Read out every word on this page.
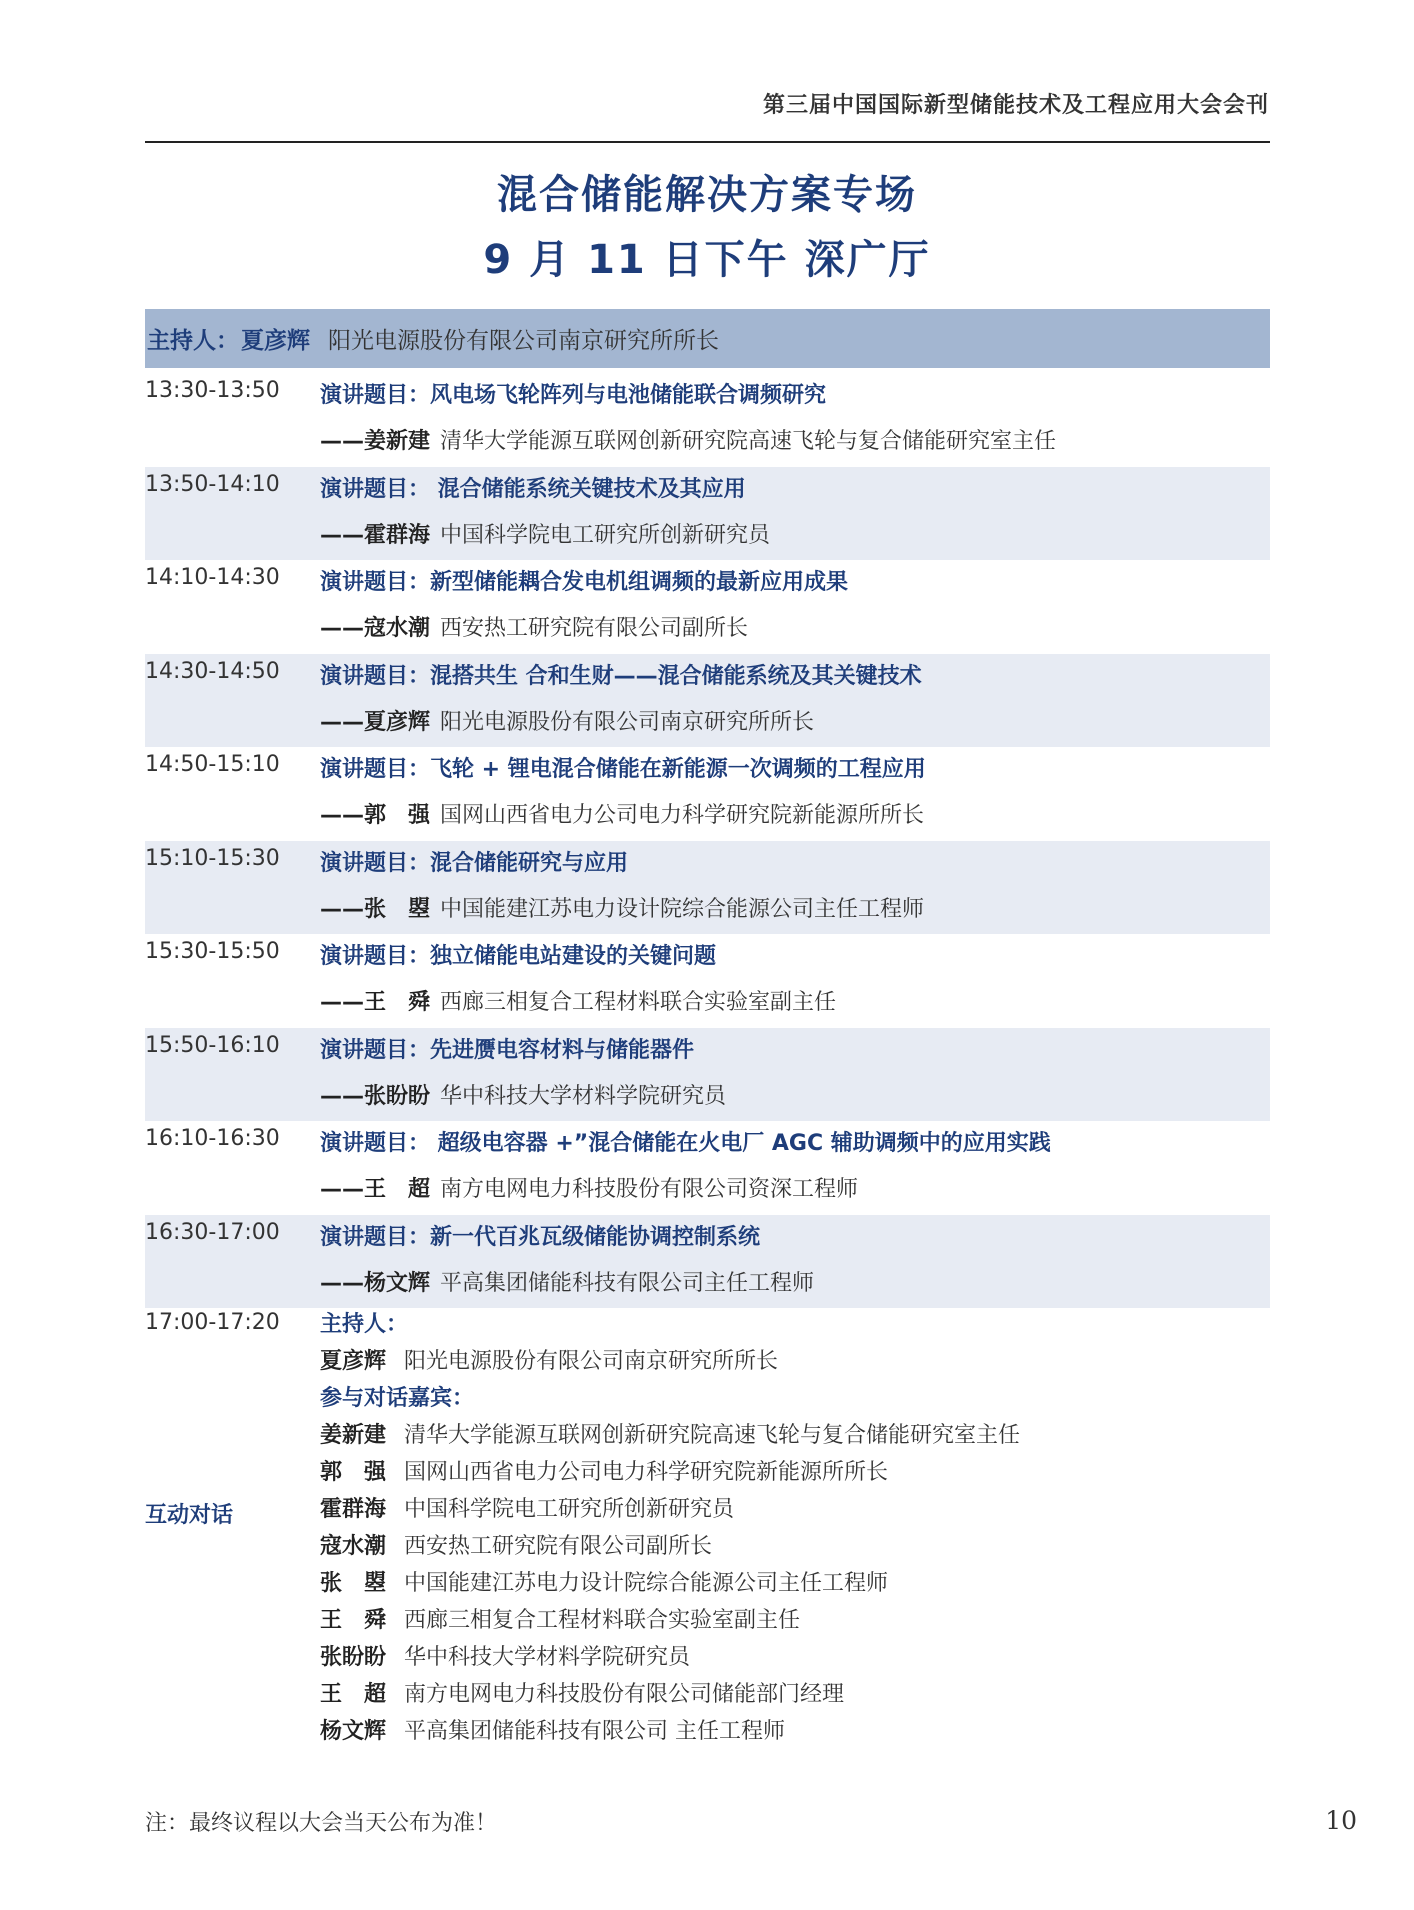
第三届中国国际新型储能技术及工程应用大会会刊
混合储能解决方案专场
9 月 11 日下午 深广厅
主持人： 夏彦辉 阳光电源股份有限公司南京研究所所长
13:30-13:50 演讲题目：风电场飞轮阵列与电池储能联合调频研究
——姜新建 清华大学能源互联网创新研究院高速飞轮与复合储能研究室主任
13:50-14:10 演讲题目： 混合储能系统关键技术及其应用
——霍群海 中国科学院电工研究所创新研究员
14:10-14:30 演讲题目：新型储能耦合发电机组调频的最新应用成果
——寇水潮 西安热工研究院有限公司副所长
14:30-14:50 演讲题目：混搭共生 合和生财——混合储能系统及其关键技术
——夏彦辉 阳光电源股份有限公司南京研究所所长
14:50-15:10 演讲题目：飞轮 + 锂电混合储能在新能源一次调频的工程应用
——郭　强 国网山西省电力公司电力科学研究院新能源所所长
15:10-15:30 演讲题目：混合储能研究与应用
——张　曌 中国能建江苏电力设计院综合能源公司主任工程师
15:30-15:50 演讲题目：独立储能电站建设的关键问题
——王　舜 西廊三相复合工程材料联合实验室副主任
15:50-16:10 演讲题目：先进赝电容材料与储能器件
——张盼盼 华中科技大学材料学院研究员
16:10-16:30 演讲题目： 超级电容器 +”混合储能在火电厂 AGC 辅助调频中的应用实践
——王　超 南方电网电力科技股份有限公司资深工程师
16:30-17:00 演讲题目：新一代百兆瓦级储能协调控制系统
——杨文辉 平高集团储能科技有限公司主任工程师
17:00-17:20
互动对话
主持人：
夏彦辉 阳光电源股份有限公司南京研究所所长
参与对话嘉宾：
姜新建 清华大学能源互联网创新研究院高速飞轮与复合储能研究室主任
郭　强 国网山西省电力公司电力科学研究院新能源所所长
霍群海 中国科学院电工研究所创新研究员
寇水潮 西安热工研究院有限公司副所长
张　曌 中国能建江苏电力设计院综合能源公司主任工程师
王　舜 西廊三相复合工程材料联合实验室副主任
张盼盼 华中科技大学材料学院研究员
王　超 南方电网电力科技股份有限公司储能部门经理
杨文辉 平高集团储能科技有限公司 主任工程师
注：最终议程以大会当天公布为准！	10
